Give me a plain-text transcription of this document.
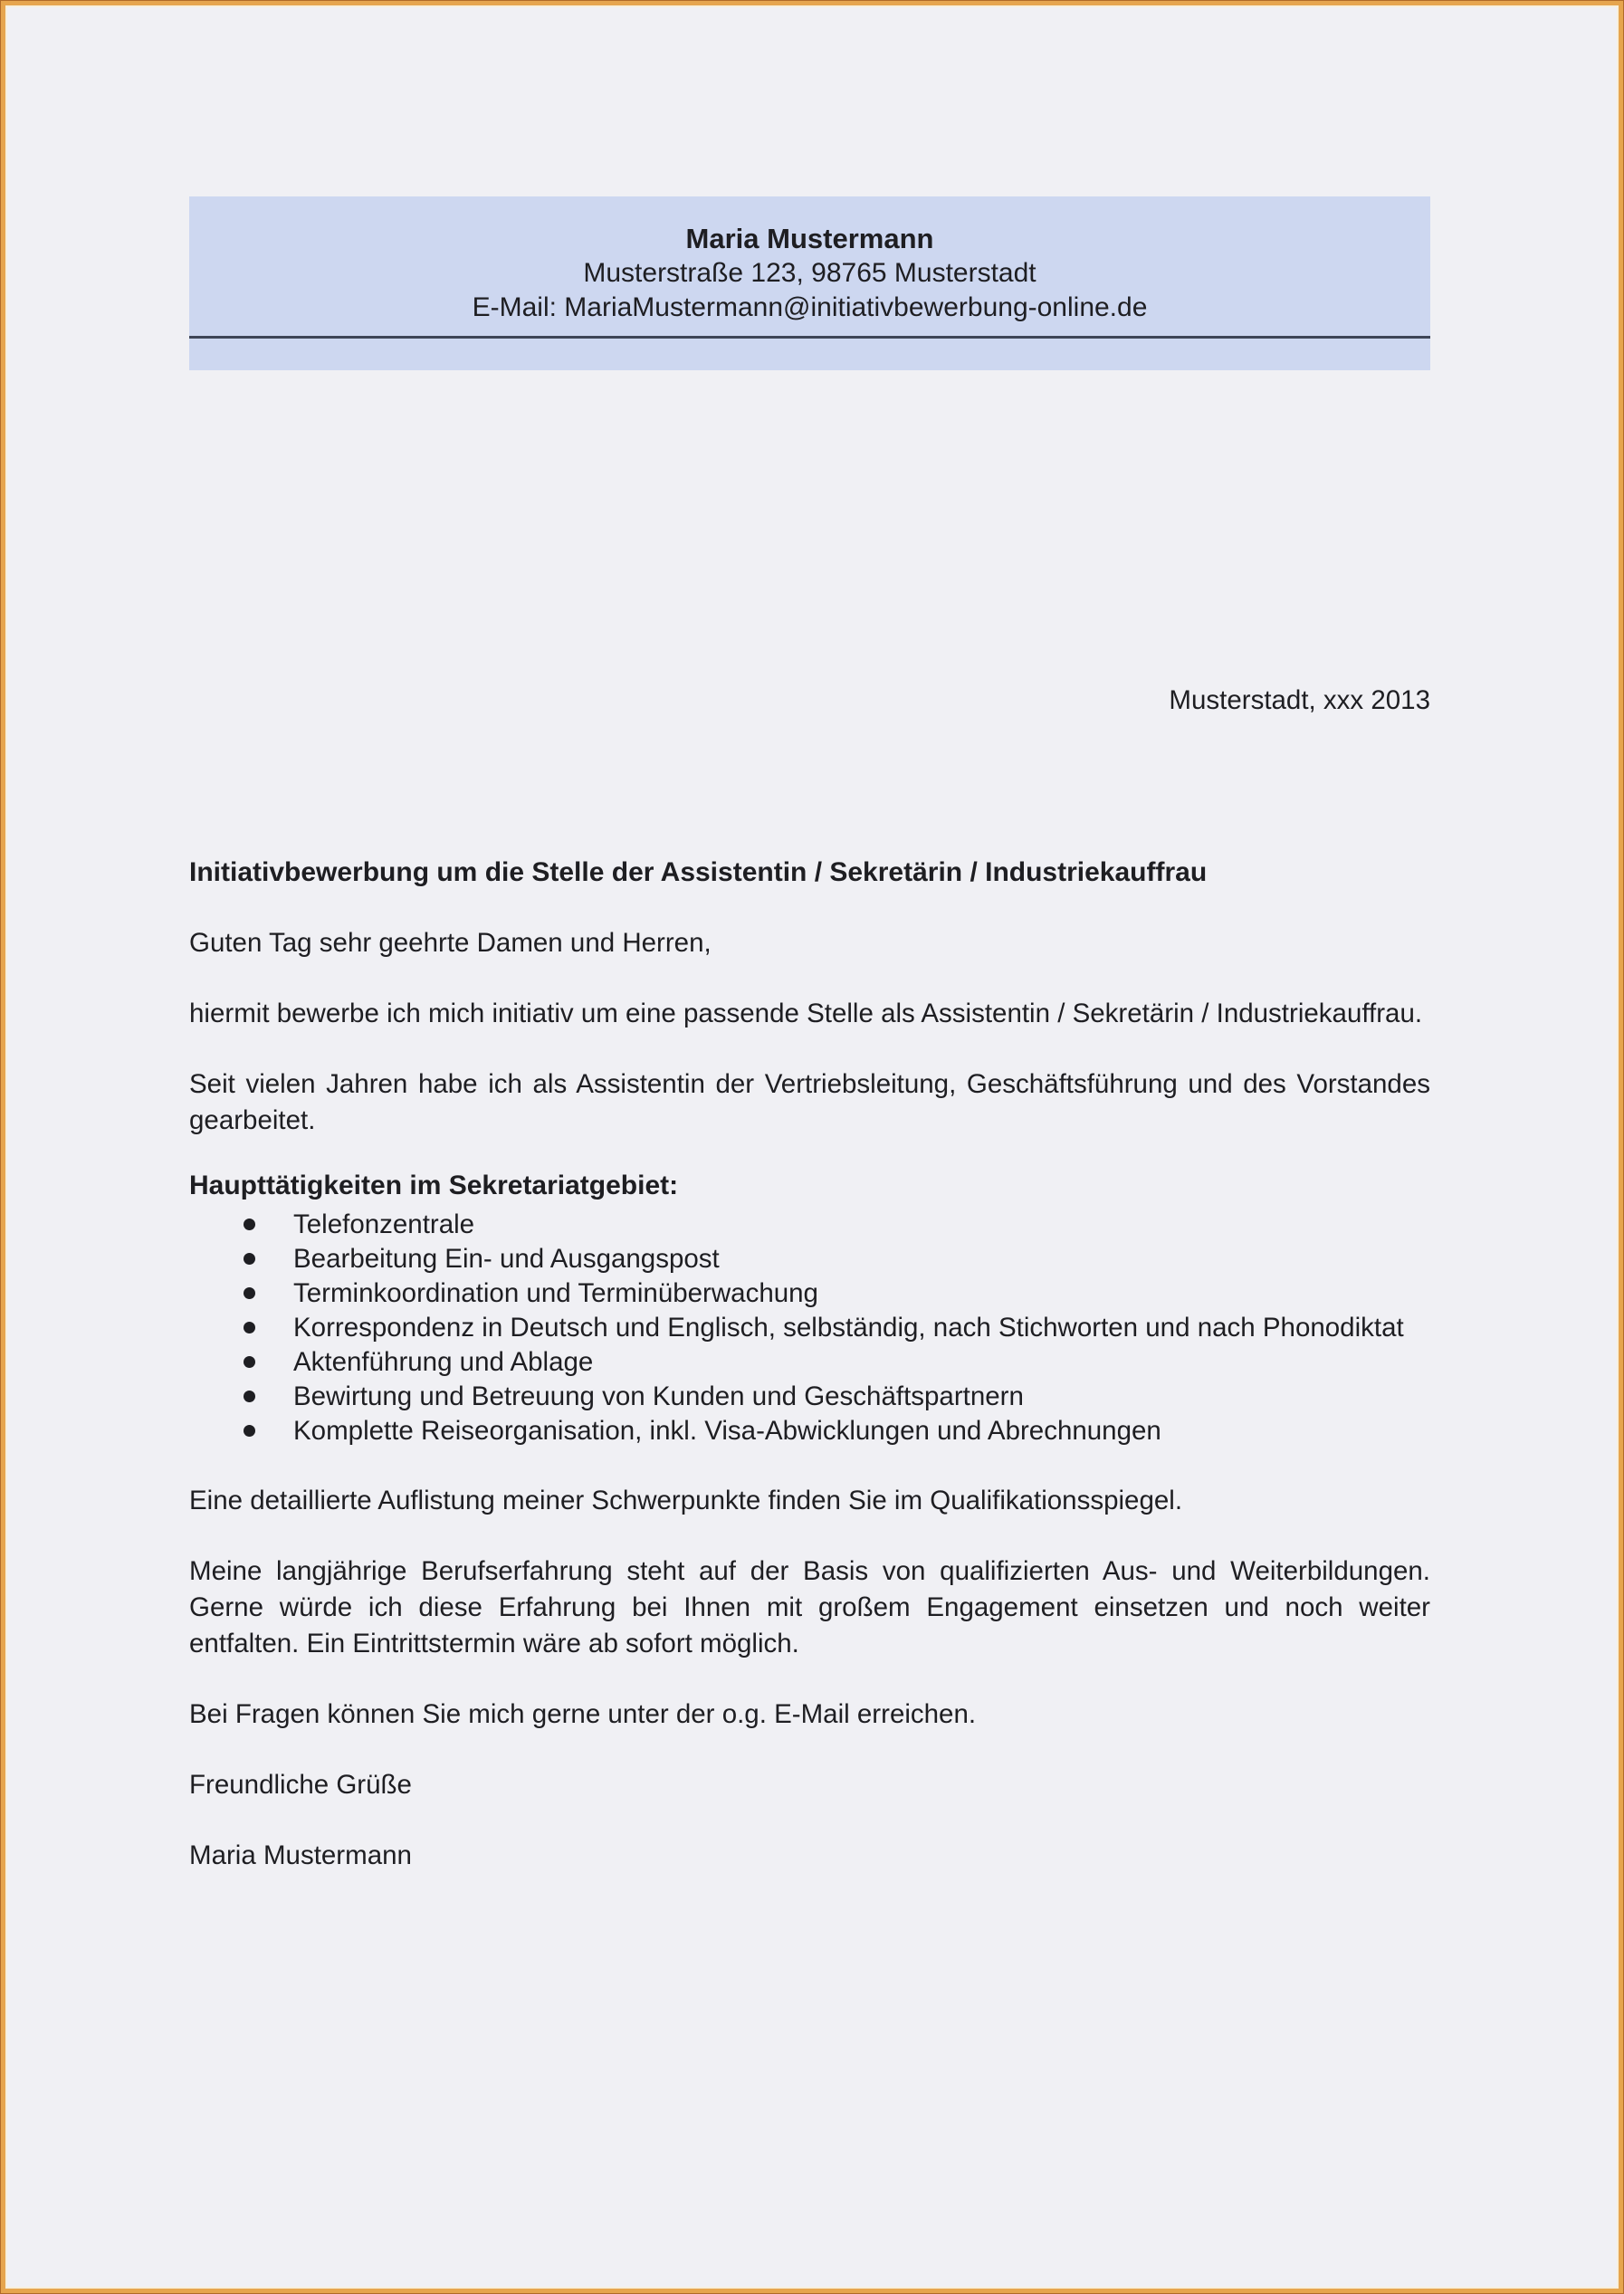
Maria Mustermann
Musterstraße 123, 98765 Musterstadt
E-Mail: MariaMustermann@initiativbewerbung-online.de
Musterstadt, xxx 2013
Initiativbewerbung um die Stelle der Assistentin / Sekretärin / Industriekauffrau

Guten Tag sehr geehrte Damen und Herren,

hiermit bewerbe ich mich initiativ um eine passende Stelle als Assistentin / Sekretärin / Industriekauffrau.

Seit vielen Jahren habe ich als Assistentin der Vertriebsleitung, Geschäftsführung und des Vorstandes gearbeitet.

Haupttätigkeiten im Sekretariatgebiet:
Telefonzentrale
Bearbeitung Ein- und Ausgangspost
Terminkoordination und Terminüberwachung
Korrespondenz in Deutsch und Englisch, selbständig, nach Stichworten und nach Phonodiktat
Aktenführung und Ablage
Bewirtung und Betreuung von Kunden und Geschäftspartnern
Komplette Reiseorganisation, inkl. Visa-Abwicklungen und Abrechnungen

Eine detaillierte Auflistung meiner Schwerpunkte finden Sie im Qualifikationsspiegel.

Meine langjährige Berufserfahrung steht auf der Basis von qualifizierten Aus- und Weiterbildungen. Gerne würde ich diese Erfahrung bei Ihnen mit großem Engagement einsetzen und noch weiter entfalten. Ein Eintrittstermin wäre ab sofort möglich.

Bei Fragen können Sie mich gerne unter der o.g. E-Mail erreichen.

Freundliche Grüße

Maria Mustermann
